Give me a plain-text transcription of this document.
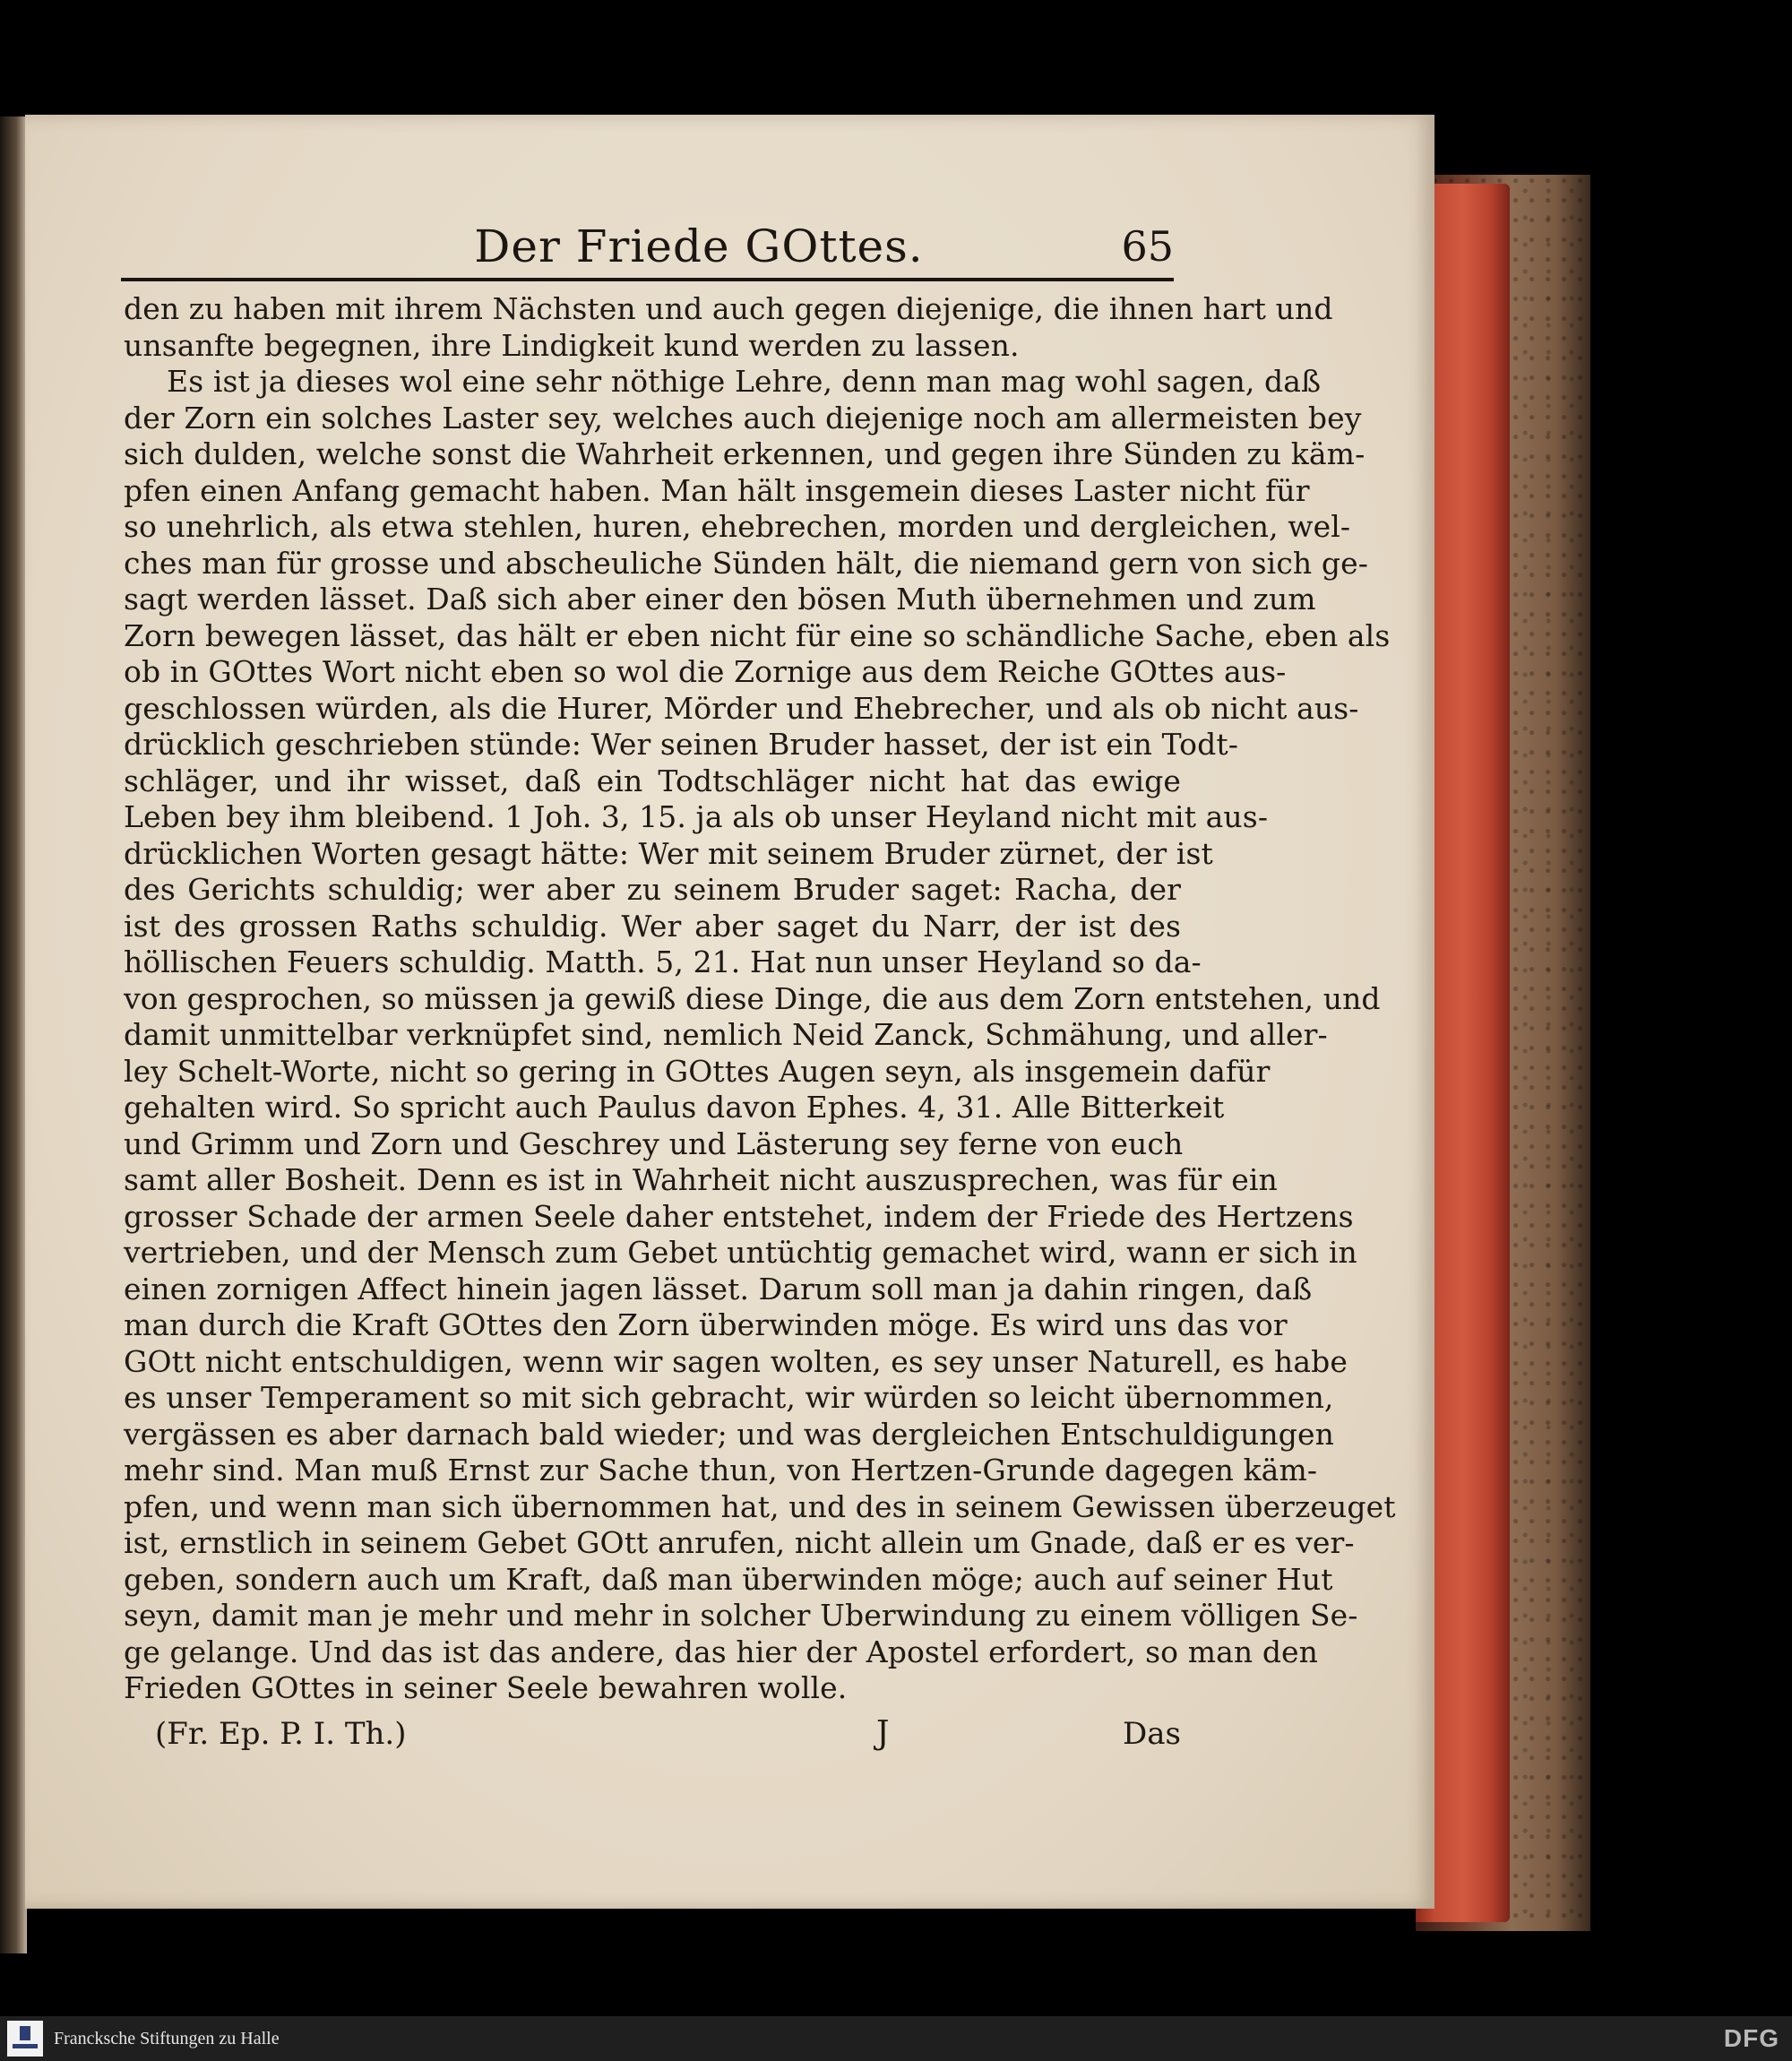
Der Friede GOttes.	65
den zu haben mit ihrem Nächsten und auch gegen diejenige, die ihnen hart und
unsanfte begegnen, ihre Lindigkeit kund werden zu lassen.
Es ist ja dieses wol eine sehr nöthige Lehre, denn man mag wohl sagen, daß
der Zorn ein solches Laster sey, welches auch diejenige noch am allermeisten bey
sich dulden, welche sonst die Wahrheit erkennen, und gegen ihre Sünden zu käm-
pfen einen Anfang gemacht haben. Man hält insgemein dieses Laster nicht für
so unehrlich, als etwa stehlen, huren, ehebrechen, morden und dergleichen, wel-
ches man für grosse und abscheuliche Sünden hält, die niemand gern von sich ge-
sagt werden lässet. Daß sich aber einer den bösen Muth übernehmen und zum
Zorn bewegen lässet, das hält er eben nicht für eine so schändliche Sache, eben als
ob in GOttes Wort nicht eben so wol die Zornige aus dem Reiche GOttes aus-
geschlossen würden, als die Hurer, Mörder und Ehebrecher, und als ob nicht aus-
drücklich geschrieben stünde: Wer seinen Bruder hasset, der ist ein Todt-
schläger, und ihr wisset, daß ein Todtschläger nicht hat das ewige
Leben bey ihm bleibend. 1 Joh. 3, 15. ja als ob unser Heyland nicht mit aus-
drücklichen Worten gesagt hätte: Wer mit seinem Bruder zürnet, der ist
des Gerichts schuldig; wer aber zu seinem Bruder saget: Racha, der
ist des grossen Raths schuldig. Wer aber saget du Narr, der ist des
höllischen Feuers schuldig. Matth. 5, 21. Hat nun unser Heyland so da-
von gesprochen, so müssen ja gewiß diese Dinge, die aus dem Zorn entstehen, und
damit unmittelbar verknüpfet sind, nemlich Neid Zanck, Schmähung, und aller-
ley Schelt-Worte, nicht so gering in GOttes Augen seyn, als insgemein dafür
gehalten wird. So spricht auch Paulus davon Ephes. 4, 31. Alle Bitterkeit
und Grimm und Zorn und Geschrey und Lästerung sey ferne von euch
samt aller Bosheit. Denn es ist in Wahrheit nicht auszusprechen, was für ein
grosser Schade der armen Seele daher entstehet, indem der Friede des Hertzens
vertrieben, und der Mensch zum Gebet untüchtig gemachet wird, wann er sich in
einen zornigen Affect hinein jagen lässet. Darum soll man ja dahin ringen, daß
man durch die Kraft GOttes den Zorn überwinden möge. Es wird uns das vor
GOtt nicht entschuldigen, wenn wir sagen wolten, es sey unser Naturell, es habe
es unser Temperament so mit sich gebracht, wir würden so leicht übernommen,
vergässen es aber darnach bald wieder; und was dergleichen Entschuldigungen
mehr sind. Man muß Ernst zur Sache thun, von Hertzen-Grunde dagegen käm-
pfen, und wenn man sich übernommen hat, und des in seinem Gewissen überzeuget
ist, ernstlich in seinem Gebet GOtt anrufen, nicht allein um Gnade, daß er es ver-
geben, sondern auch um Kraft, daß man überwinden möge; auch auf seiner Hut
seyn, damit man je mehr und mehr in solcher Uberwindung zu einem völligen Se-
ge gelange. Und das ist das andere, das hier der Apostel erfordert, so man den
Frieden GOttes in seiner Seele bewahren wolle.
(Fr. Ep. P. I. Th.)	J	Das
Francksche Stiftungen zu Halle	DFG
